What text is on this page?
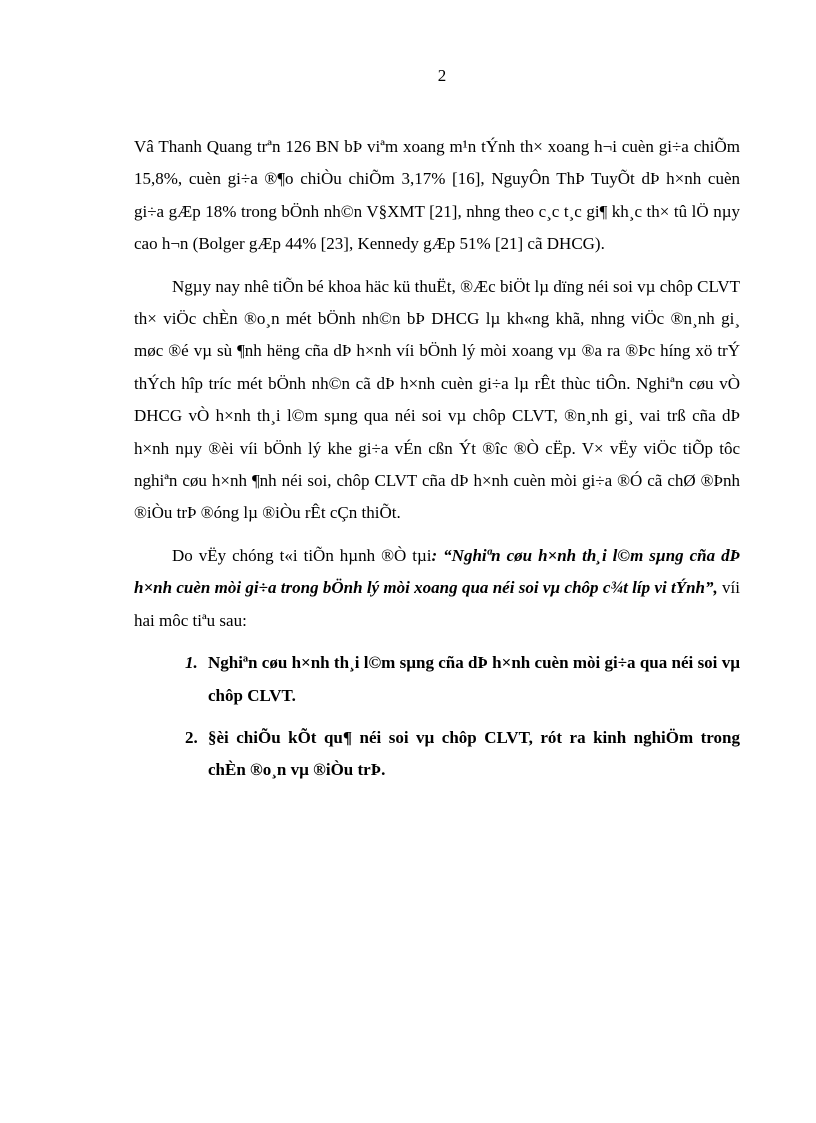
2

Vâ Thanh Quang trªn 126 BN bÞ viªm xoang m¹n tÝnh th× xoang h¬i cuèn gi÷a chiÕm 15,8%, cuèn gi÷a ®¶o chiÒu chiÕm 3,17% [16], NguyÔn ThÞ TuyÕt dÞ h×nh cuèn gi÷a gÆp 18% trong bÖnh nh©n V§XMT [21], nhng theo c¸c t¸c gi¶ kh¸c th× tû lÖ nµy cao h¬n (Bolger gÆp 44% [23], Kennedy gÆp 51% [21] cã DHCG).

Ngµy nay nhê tiÕn bé khoa häc kü thuËt, ®Æc biÖt lµ dïng néi soi vµ chôp CLVT th× viÖc chÈn ®o¸n mét bÖnh nh©n bÞ DHCG lµ kh«ng khã, nhng viÖc ®n¸nh gi¸ møc ®é vµ sù ¶nh hëng cña dÞ h×nh víi bÖnh lý mòi xoang vµ ®a ra ®Þc híng xö trÝ thÝch hîp tríc mét bÖnh nh©n cã dÞ h×nh cuèn gi÷a lµ rÊt thùc tiÔn. Nghiªn cøu vÒ DHCG vÒ h×nh th¸i l©m sµng qua néi soi vµ chôp CLVT, ®n¸nh gi¸ vai trß cña dÞ h×nh nµy ®èi víi bÖnh lý khe gi÷a vÉn cßn Ýt ®îc ®Ò cËp. V× vËy viÖc tiÕp tôc nghiªn cøu h×nh ¶nh néi soi, chôp CLVT cña dÞ h×nh cuèn mòi gi÷a ®Ó cã chØ ®Þnh ®iÒu trÞ ®óng lµ ®iÒu rÊt cÇn thiÕt.

Do vËy chóng t«i tiÕn hµnh ®Ò tµi: “Nghiªn cøu h×nh th¸i l©m sµng cña dÞ h×nh cuèn mòi gi÷a trong bÖnh lý mòi xoang qua néi soi vµ chôp c¾t líp vi tÝnh”, víi hai môc tiªu sau:

1. Nghiªn cøu h×nh th¸i l©m sµng cña dÞ h×nh cuèn mòi gi÷a qua néi soi vµ chôp CLVT.
2. §èi chiÕu kÕt qu¶ néi soi vµ chôp CLVT, rót ra kinh nghiÖm trong chÈn ®o¸n vµ ®iÒu trÞ.
